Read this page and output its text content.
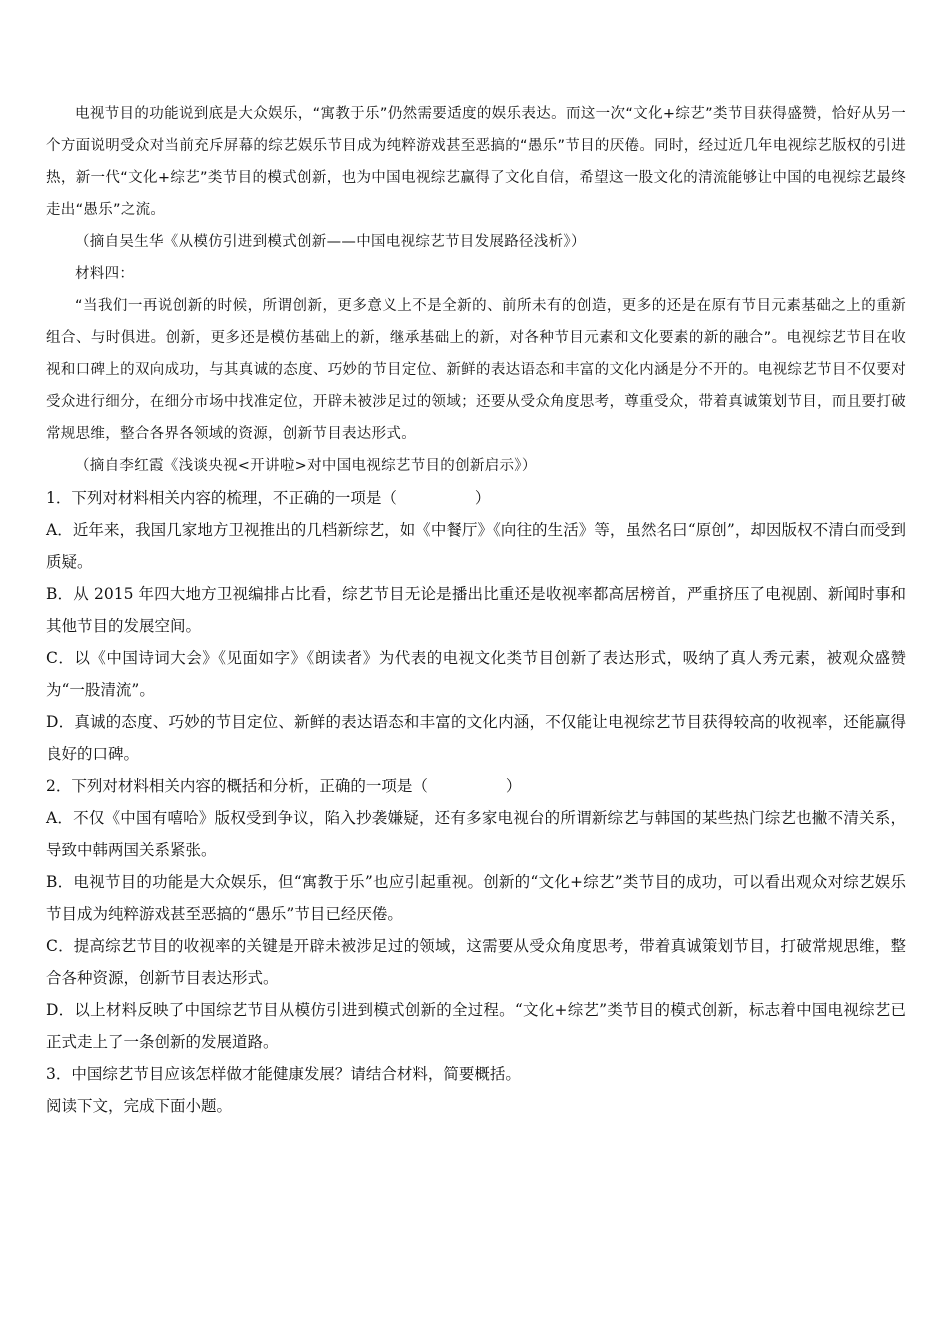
电视节目的功能说到底是大众娱乐，“寓教于乐”仍然需要适度的娱乐表达。而这一次“文化+综艺”类节目获得盛赞，恰好从另一个方面说明受众对当前充斥屏幕的综艺娱乐节目成为纯粹游戏甚至恶搞的“愚乐”节目的厌倦。同时，经过近几年电视综艺版权的引进热，新一代“文化+综艺”类节目的模式创新，也为中国电视综艺赢得了文化自信，希望这一股文化的清流能够让中国的电视综艺最终走出“愚乐”之流。

（摘自吴生华《从模仿引进到模式创新——中国电视综艺节目发展路径浅析》）

材料四：

“当我们一再说创新的时候，所谓创新，更多意义上不是全新的、前所未有的创造，更多的还是在原有节目元素基础之上的重新组合、与时俱进。创新，更多还是模仿基础上的新，继承基础上的新，对各种节目元素和文化要素的新的融合”。电视综艺节目在收视和口碑上的双向成功，与其真诚的态度、巧妙的节目定位、新鲜的表达语态和丰富的文化内涵是分不开的。电视综艺节目不仅要对受众进行细分，在细分市场中找准定位，开辟未被涉足过的领域；还要从受众角度思考，尊重受众，带着真诚策划节目，而且要打破常规思维，整合各界各领域的资源，创新节目表达形式。

（摘自李红霞《浅谈央视<开讲啦>对中国电视综艺节目的创新启示》）

1．下列对材料相关内容的梳理，不正确的一项是（	）

A．近年来，我国几家地方卫视推出的几档新综艺，如《中餐厅》《向往的生活》等，虽然名曰“原创”，却因版权不清白而受到质疑。

B．从 2015 年四大地方卫视编排占比看，综艺节目无论是播出比重还是收视率都高居榜首，严重挤压了电视剧、新闻时事和其他节目的发展空间。

C．以《中国诗词大会》《见面如字》《朗读者》为代表的电视文化类节目创新了表达形式，吸纳了真人秀元素，被观众盛赞为“一股清流”。

D．真诚的态度、巧妙的节目定位、新鲜的表达语态和丰富的文化内涵，不仅能让电视综艺节目获得较高的收视率，还能赢得良好的口碑。

2．下列对材料相关内容的概括和分析，正确的一项是（	）

A．不仅《中国有嘻哈》版权受到争议，陷入抄袭嫌疑，还有多家电视台的所谓新综艺与韩国的某些热门综艺也撇不清关系，导致中韩两国关系紧张。

B．电视节目的功能是大众娱乐，但“寓教于乐”也应引起重视。创新的“文化+综艺”类节目的成功，可以看出观众对综艺娱乐节目成为纯粹游戏甚至恶搞的“愚乐”节目已经厌倦。

C．提高综艺节目的收视率的关键是开辟未被涉足过的领域，这需要从受众角度思考，带着真诚策划节目，打破常规思维，整合各种资源，创新节目表达形式。

D．以上材料反映了中国综艺节目从模仿引进到模式创新的全过程。“文化+综艺”类节目的模式创新，标志着中国电视综艺已正式走上了一条创新的发展道路。

3．中国综艺节目应该怎样做才能健康发展？请结合材料，简要概括。

阅读下文，完成下面小题。
